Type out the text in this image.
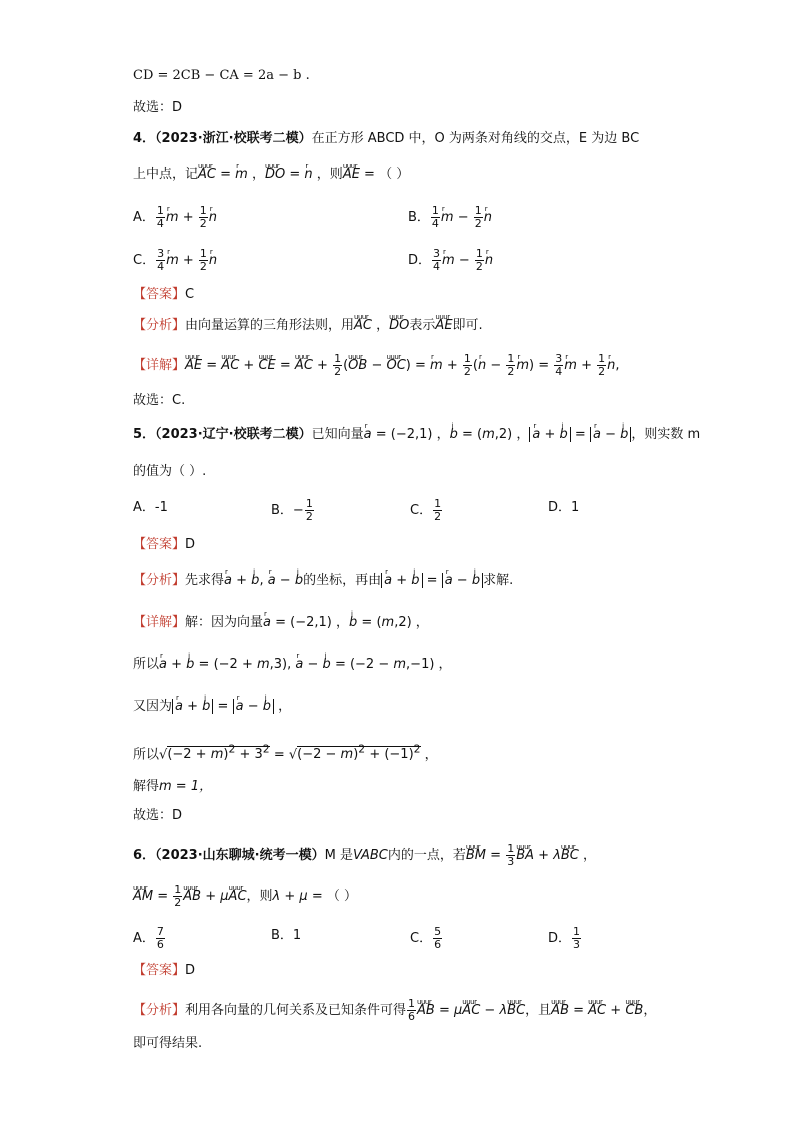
CD = 2CB − CA = 2a − b .
故选：D
4．（2023·浙江·校联考二模）在正方形 ABCD 中，O 为两条对角线的交点，E 为边 BC
上中点，记uuur AC = r m ，uuur DO = r n ，则uuur AE = （ ）
A． $\frac{1}{4}$ r $m + \frac{1}{2}$ r n	B． $\frac{1}{4}$ r $m - \frac{1}{2}$ r n
C． $\frac{3}{4}$ r $m + \frac{1}{2}$ r n	D． $\frac{3}{4}$ r $m - \frac{1}{2}$ r n
【答案】C
【分析】由向量运算的三角形法则，用uuur AC ，uuur DO表示uuur AE即可.
【详解】uuur AE = uuur AC + uuur CE = uuur AC + $\frac{1}{2}$ (uuur OB − uuur OC) = r $m + \frac{1}{2} (r$ $n - \frac{1}{2}$ r $m) = \frac{3}{4}$ r $m + \frac{1}{2}$ r n,
故选：C.
5．（2023·辽宁·校联考二模）已知向量r a = (−2,1) ，i b = (m,2) ， r a + i b = r a − i b ，则实数 m
的值为（ ）.
A．-1	B．− $\frac{1}{2}$	C． $\frac{1}{2}$	D．1
【答案】D
【分析】先求得r a + i b, r a − i b的坐标，再由 r a + i b = r a − i b 求解.
【详解】解：因为向量r a = (−2,1) ，i b = (m,2) ，
所以r a + i b = (−2 + m,3), r a − i b = (−2 − m,−1) ，
又因为 r a + i b = r a − i b ，
所以$√(-2 + m)^2 + 3^2 = √(-2 - m)^2 + (-1)^2$ ，
解得m = 1，
故选：D
6．（2023·山东聊城·统考一模）M 是VABC内的一点，若uuur BM = $\frac{1}{3}$ uuur BA + λuuur BC ，
uuur AM = $\frac{1}{2}$ uuur AB + μuuur AC，则λ + μ = （ ）
A． $\frac{7}{6}$	B．1	C． $\frac{5}{6}$	D． $\frac{1}{3}$
【答案】D
【分析】利用各向量的几何关系及已知条件可得 $\frac{1}{6}$ uuur AB = μuuur AC − λuuur BC，且uuur AB = uuur AC + uuur CB，
即可得结果.
